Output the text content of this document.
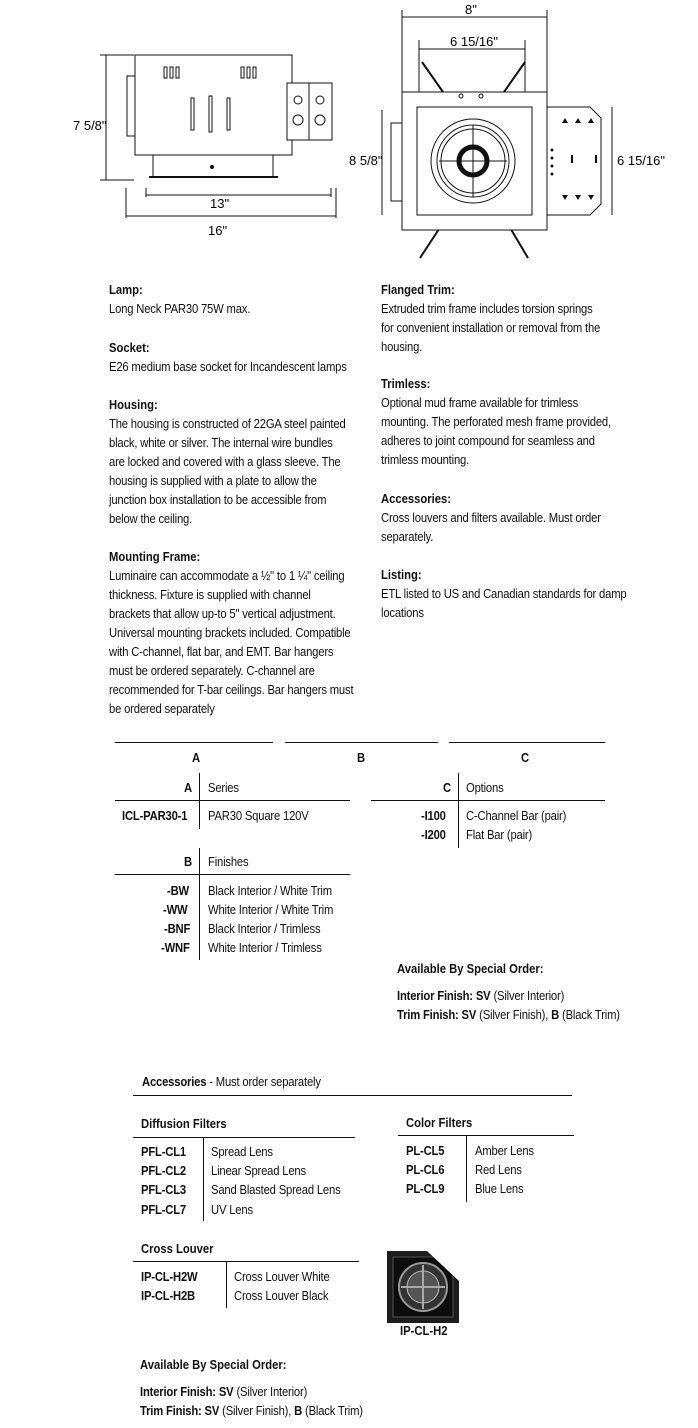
7 5/8"
13"
16"
8"
6 15/16"
8 5/8"	6 15/16"
Lamp:
Long Neck PAR30 75W max.
Socket:
E26 medium base socket for Incandescent lamps
Housing:
The housing is constructed of 22GA steel painted
black, white or silver. The internal wire bundles
are locked and covered with a glass sleeve. The
housing is supplied with a plate to allow the
junction box installation to be accessible from
below the ceiling.
Mounting Frame:
Luminaire can accommodate a ½" to 1 ¼" ceiling
thickness. Fixture is supplied with channel
brackets that allow up-to 5" vertical adjustment.
Universal mounting brackets included. Compatible
with C-channel, flat bar, and EMT. Bar hangers
must be ordered separately. C-channel are
recommended for T-bar ceilings. Bar hangers must
be ordered separately
Flanged Trim:
Extruded trim frame includes torsion springs
for convenient installation or removal from the
housing.
Trimless:
Optional mud frame available for trimless
mounting. The perforated mesh frame provided,
adheres to joint compound for seamless and
trimless mounting.
Accessories:
Cross louvers and filters available. Must order
separately.
Listing:
ETL listed to US and Canadian standards for damp
locations
A	B	C
A Series
ICL-PAR30-1 PAR30 Square 120V
B Finishes
-BW Black Interior / White Trim
-WW White Interior / White Trim
-BNF Black Interior / Trimless
-WNF White Interior / Trimless
C Options
-I100 C-Channel Bar (pair)
-I200 Flat Bar (pair)
Available By Special Order:
Interior Finish: SV (Silver Interior)
Trim Finish: SV (Silver Finish), B (Black Trim)
Accessories - Must order separately
Diffusion Filters
PFL-CL1 Spread Lens
PFL-CL2 Linear Spread Lens
PFL-CL3 Sand Blasted Spread Lens
PFL-CL7 UV Lens
Color Filters
PL-CL5 Amber Lens
PL-CL6 Red Lens
PL-CL9 Blue Lens
Cross Louver
IP-CL-H2W	Cross Louver White
IP-CL-H2B	Cross Louver Black
IP-CL-H2
Available By Special Order:
Interior Finish: SV (Silver Interior)
Trim Finish: SV (Silver Finish), B (Black Trim)
